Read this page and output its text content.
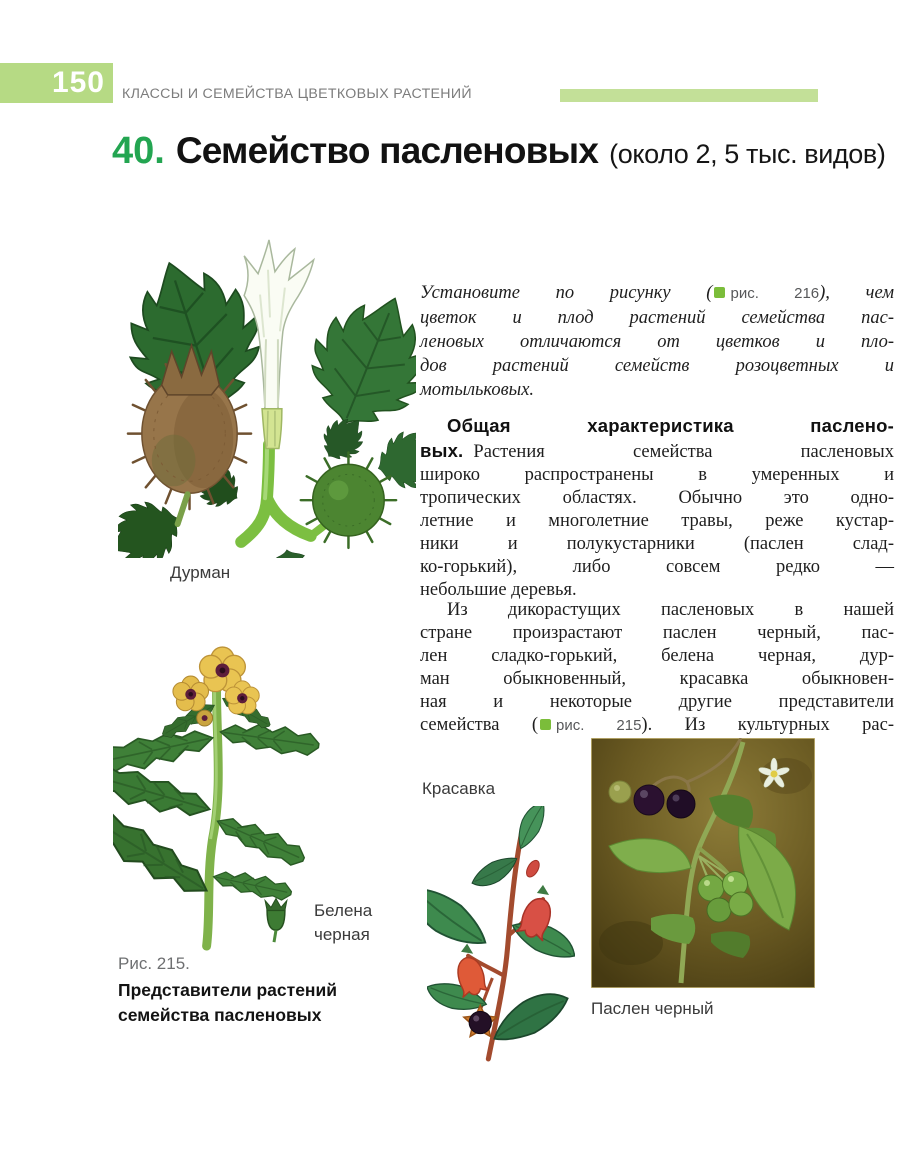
150	КЛАССЫ И СЕМЕЙСТВА ЦВЕТКОВЫХ РАСТЕНИЙ
40. Семейство пасленовых (около 2, 5 тыс. видов)
Дурман
Белена черная
Рис. 215.
Представители растений семейства пасленовых
Установите по рисунку ( рис. 216), чем
цветок и плод растений семейства пас-
леновых отличаются от цветков и пло-
дов растений семейств розоцветных и
мотыльковых.
Общая характеристика паслено-
вых. Растения семейства пасленовых
широко распространены в умеренных и
тропических областях. Обычно это одно-
летние и многолетние травы, реже кустар-
ники и полукустарники (паслен слад-
ко-горький), либо совсем редко —
небольшие деревья.
Из дикорастущих пасленовых в нашей
стране произрастают паслен черный, пас-
лен сладко-горький, белена черная, дур-
ман обыкновенный, красавка обыкновен-
ная и некоторые другие представители
семейства ( рис. 215). Из культурных рас-
Красавка
Паслен черный
